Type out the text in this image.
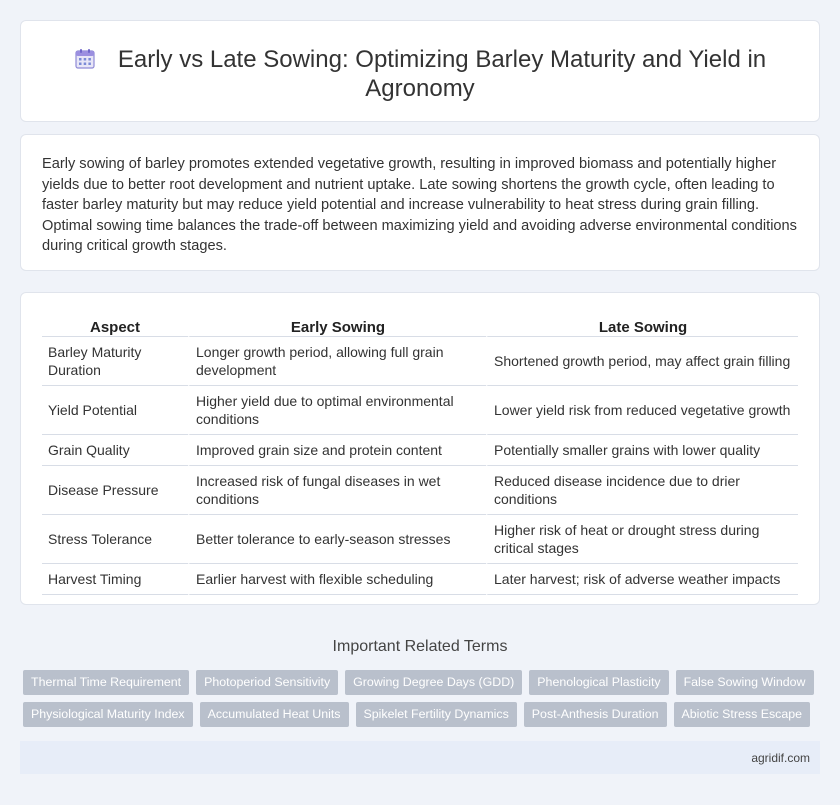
Early vs Late Sowing: Optimizing Barley Maturity and Yield in Agronomy

Early sowing of barley promotes extended vegetative growth, resulting in improved biomass and potentially higher yields due to better root development and nutrient uptake. Late sowing shortens the growth cycle, often leading to faster barley maturity but may reduce yield potential and increase vulnerability to heat stress during grain filling. Optimal sowing time balances the trade-off between maximizing yield and avoiding adverse environmental conditions during critical growth stages.

Aspect	Early Sowing	Late Sowing
Barley Maturity Duration	Longer growth period, allowing full grain development	Shortened growth period, may affect grain filling
Yield Potential	Higher yield due to optimal environmental conditions	Lower yield risk from reduced vegetative growth
Grain Quality	Improved grain size and protein content	Potentially smaller grains with lower quality
Disease Pressure	Increased risk of fungal diseases in wet conditions	Reduced disease incidence due to drier conditions
Stress Tolerance	Better tolerance to early-season stresses	Higher risk of heat or drought stress during critical stages
Harvest Timing	Earlier harvest with flexible scheduling	Later harvest; risk of adverse weather impacts
Important Related Terms
Thermal Time Requirement	Photoperiod Sensitivity	Growing Degree Days (GDD)	Phenological Plasticity	False Sowing Window
Physiological Maturity Index	Accumulated Heat Units	Spikelet Fertility Dynamics	Post-Anthesis Duration	Abiotic Stress Escape
agridif.com
